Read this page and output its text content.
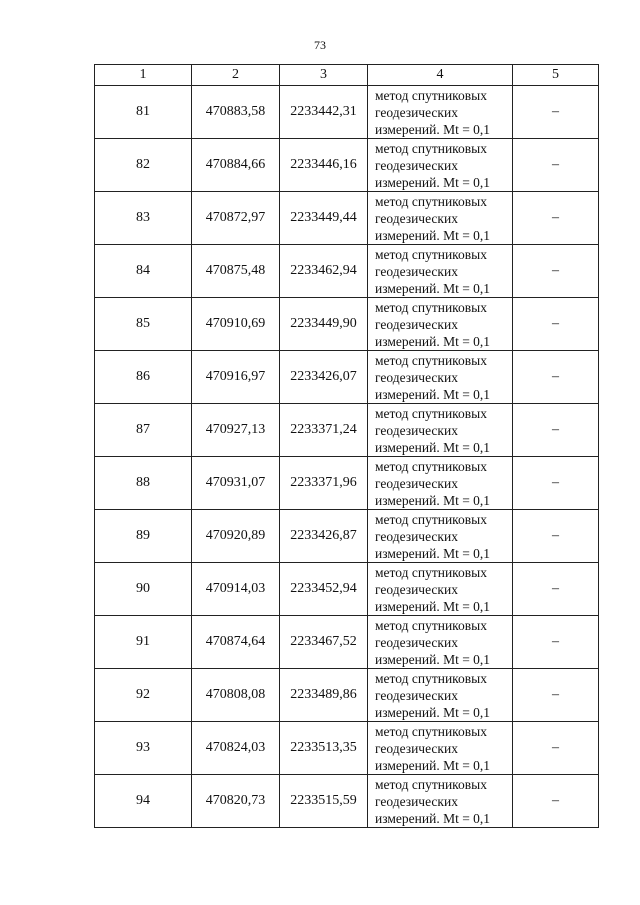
73
1	2	3	4	5
81	470883,58	2233442,31	метод спутниковых
геодезических
измерений. Mt = 0,1	–
82	470884,66	2233446,16	метод спутниковых
геодезических
измерений. Mt = 0,1	–
83	470872,97	2233449,44	метод спутниковых
геодезических
измерений. Mt = 0,1	–
84	470875,48	2233462,94	метод спутниковых
геодезических
измерений. Mt = 0,1	–
85	470910,69	2233449,90	метод спутниковых
геодезических
измерений. Mt = 0,1	–
86	470916,97	2233426,07	метод спутниковых
геодезических
измерений. Mt = 0,1	–
87	470927,13	2233371,24	метод спутниковых
геодезических
измерений. Mt = 0,1	–
88	470931,07	2233371,96	метод спутниковых
геодезических
измерений. Mt = 0,1	–
89	470920,89	2233426,87	метод спутниковых
геодезических
измерений. Mt = 0,1	–
90	470914,03	2233452,94	метод спутниковых
геодезических
измерений. Mt = 0,1	–
91	470874,64	2233467,52	метод спутниковых
геодезических
измерений. Mt = 0,1	–
92	470808,08	2233489,86	метод спутниковых
геодезических
измерений. Mt = 0,1	–
93	470824,03	2233513,35	метод спутниковых
геодезических
измерений. Mt = 0,1	–
94	470820,73	2233515,59	метод спутниковых
геодезических
измерений. Mt = 0,1	–
